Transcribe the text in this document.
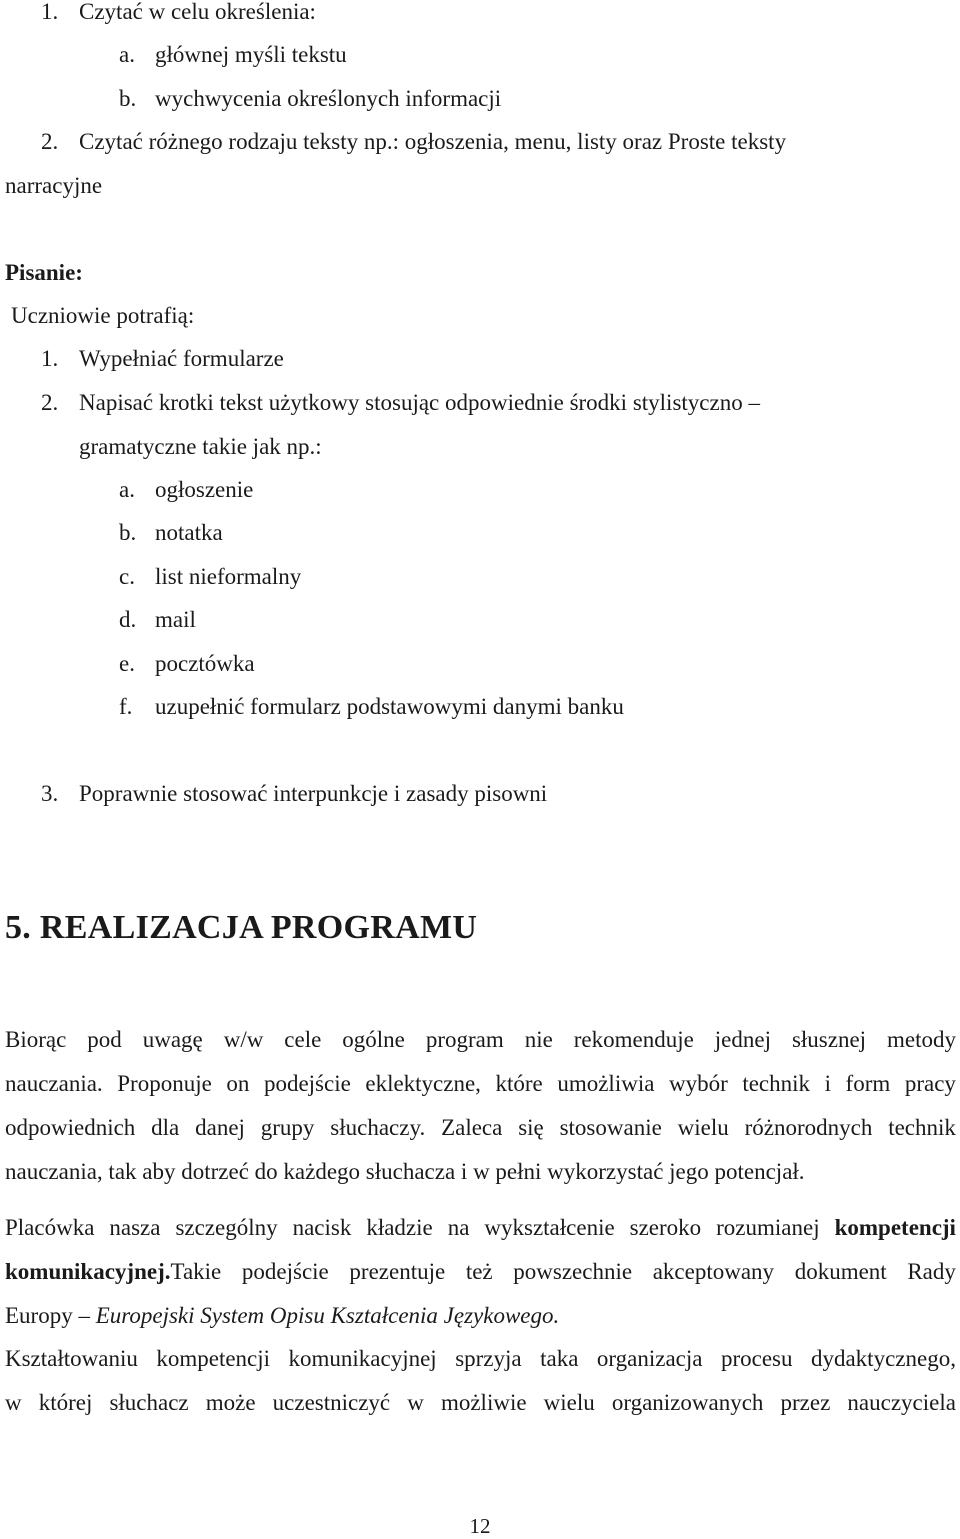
1. Czytać w celu określenia:
a. głównej myśli tekstu
b. wychwycenia określonych informacji
2. Czytać różnego rodzaju teksty np.: ogłoszenia, menu, listy oraz Proste teksty
narracyjne
Pisanie:
Uczniowie potrafią:
1. Wypełniać formularze
2. Napisać krotki tekst użytkowy stosując odpowiednie środki stylistyczno –
gramatyczne takie jak np.:
a. ogłoszenie
b. notatka
c. list nieformalny
d. mail
e. pocztówka
f. uzupełnić formularz podstawowymi danymi banku
3. Poprawnie stosować interpunkcje i zasady pisowni
5. REALIZACJA PROGRAMU
Biorąc pod uwagę w/w cele ogólne program nie rekomenduje jednej słusznej metody
nauczania. Proponuje on podejście eklektyczne, które umożliwia wybór technik i form pracy
odpowiednich dla danej grupy słuchaczy. Zaleca się stosowanie wielu różnorodnych technik
nauczania, tak aby dotrzeć do każdego słuchacza i w pełni wykorzystać jego potencjał.
Placówka nasza szczególny nacisk kładzie na wykształcenie szeroko rozumianej kompetencji
komunikacyjnej.Takie podejście prezentuje też powszechnie akceptowany dokument Rady
Europy – Europejski System Opisu Kształcenia Językowego.
Kształtowaniu kompetencji komunikacyjnej sprzyja taka organizacja procesu dydaktycznego,
w której słuchacz może uczestniczyć w możliwie wielu organizowanych przez nauczyciela
12
